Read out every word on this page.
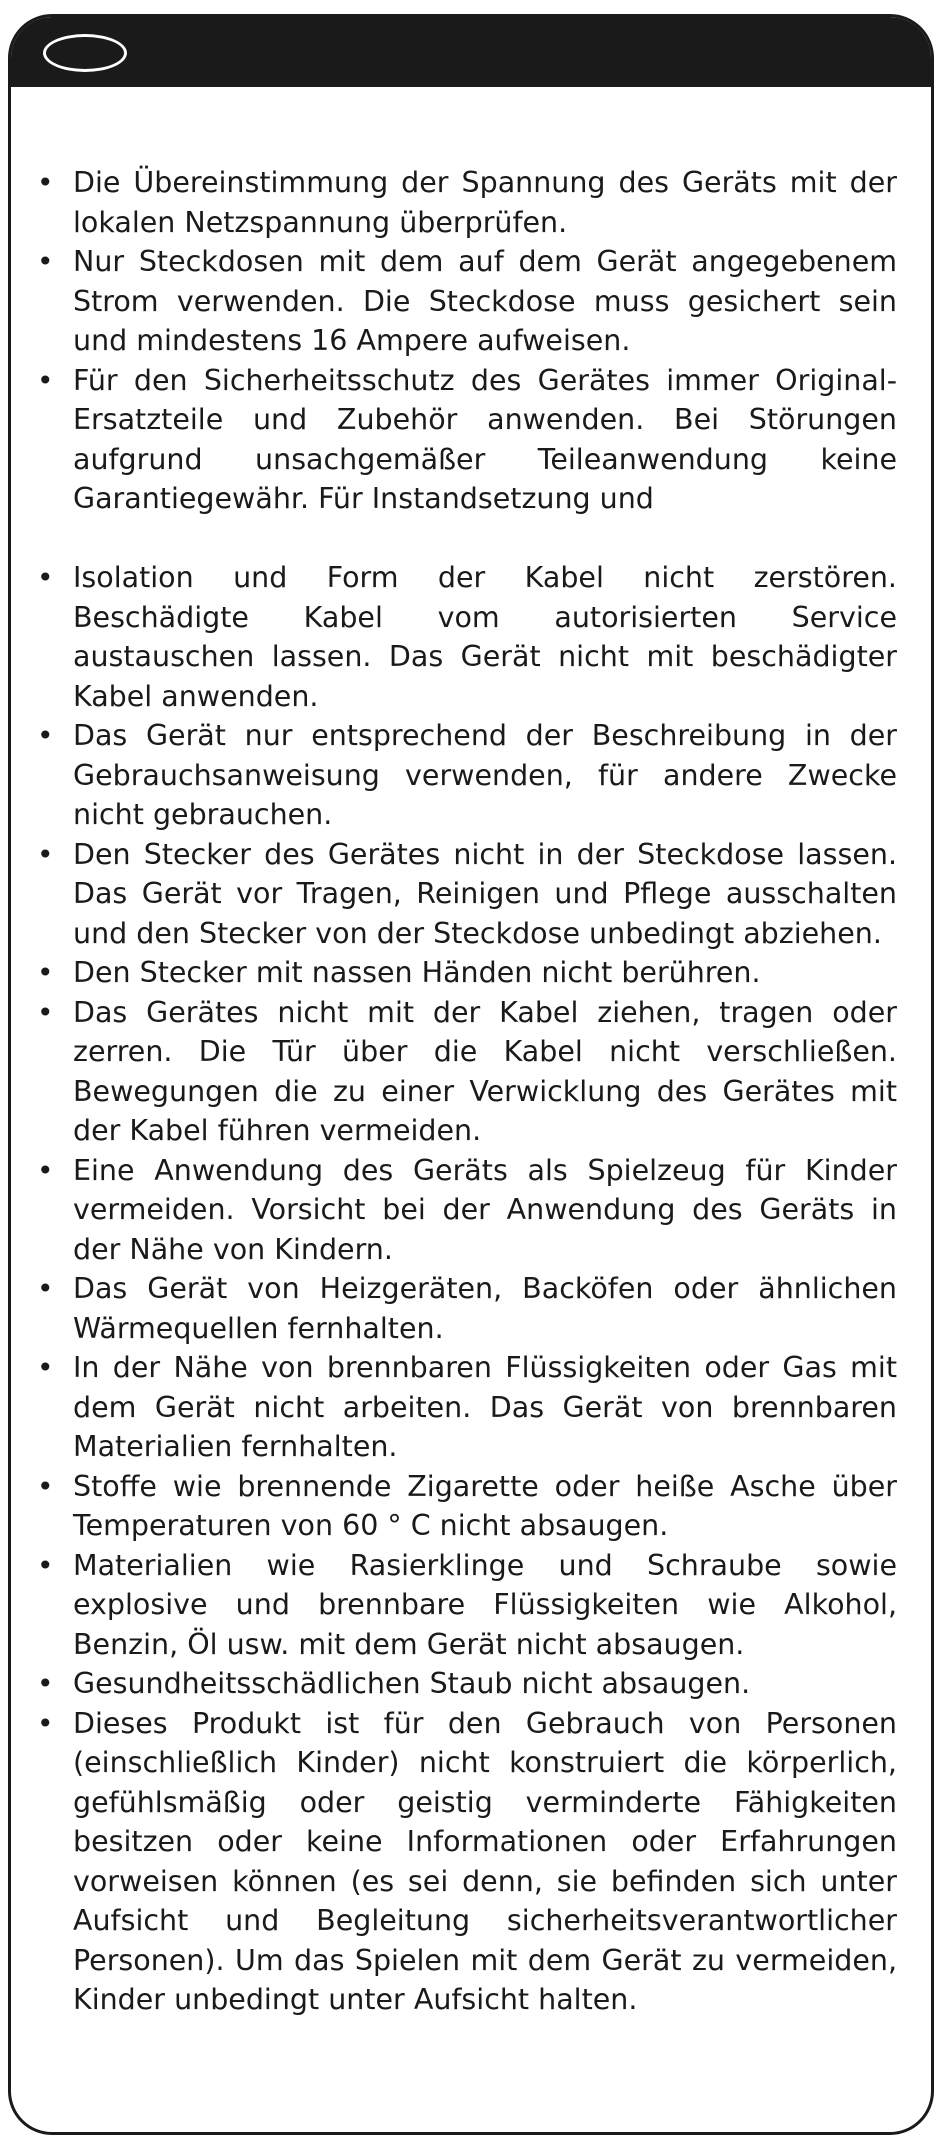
• Die Übereinstimmung der Spannung des Geräts mit der lokalen Netzspannung überprüfen.
• Nur Steckdosen mit dem auf dem Gerät angegebenem Strom verwenden. Die Steckdose muss gesichert sein und mindestens 16 Ampere aufweisen.
• Für den Sicherheitsschutz des Gerätes immer Original-Ersatzteile und Zubehör anwenden. Bei Störungen aufgrund unsachgemäßer Teileanwendung keine Garantiegewähr. Für Instandsetzung und
• Isolation und Form der Kabel nicht zerstören. Beschädigte Kabel vom autorisierten Service austauschen lassen. Das Gerät nicht mit beschädigter Kabel anwenden.
• Das Gerät nur entsprechend der Beschreibung in der Gebrauchsanweisung verwenden, für andere Zwecke nicht gebrauchen.
• Den Stecker des Gerätes nicht in der Steckdose lassen. Das Gerät vor Tragen, Reinigen und Pflege ausschalten und den Stecker von der Steckdose unbedingt abziehen.
• Den Stecker mit nassen Händen nicht berühren.
• Das Gerätes nicht mit der Kabel ziehen, tragen oder zerren. Die Tür über die Kabel nicht verschließen. Bewegungen die zu einer Verwicklung des Gerätes mit der Kabel führen vermeiden.
• Eine Anwendung des Geräts als Spielzeug für Kinder vermeiden. Vorsicht bei der Anwendung des Geräts in der Nähe von Kindern.
• Das Gerät von Heizgeräten, Backöfen oder ähnlichen Wärmequellen fernhalten.
• In der Nähe von brennbaren Flüssigkeiten oder Gas mit dem Gerät nicht arbeiten. Das Gerät von brennbaren Materialien fernhalten.
• Stoffe wie brennende Zigarette oder heiße Asche über Temperaturen von 60 ° C nicht absaugen.
• Materialien wie Rasierklinge und Schraube sowie explosive und brennbare Flüssigkeiten wie Alkohol, Benzin, Öl usw. mit dem Gerät nicht absaugen.
• Gesundheitsschädlichen Staub nicht absaugen.
• Dieses Produkt ist für den Gebrauch von Personen (einschließlich Kinder) nicht konstruiert die körperlich, gefühlsmäßig oder geistig verminderte Fähigkeiten besitzen oder keine Informationen oder Erfahrungen vorweisen können (es sei denn, sie befinden sich unter Aufsicht und Begleitung sicherheitsverantwortlicher Personen). Um das Spielen mit dem Gerät zu vermeiden, Kinder unbedingt unter Aufsicht halten.
